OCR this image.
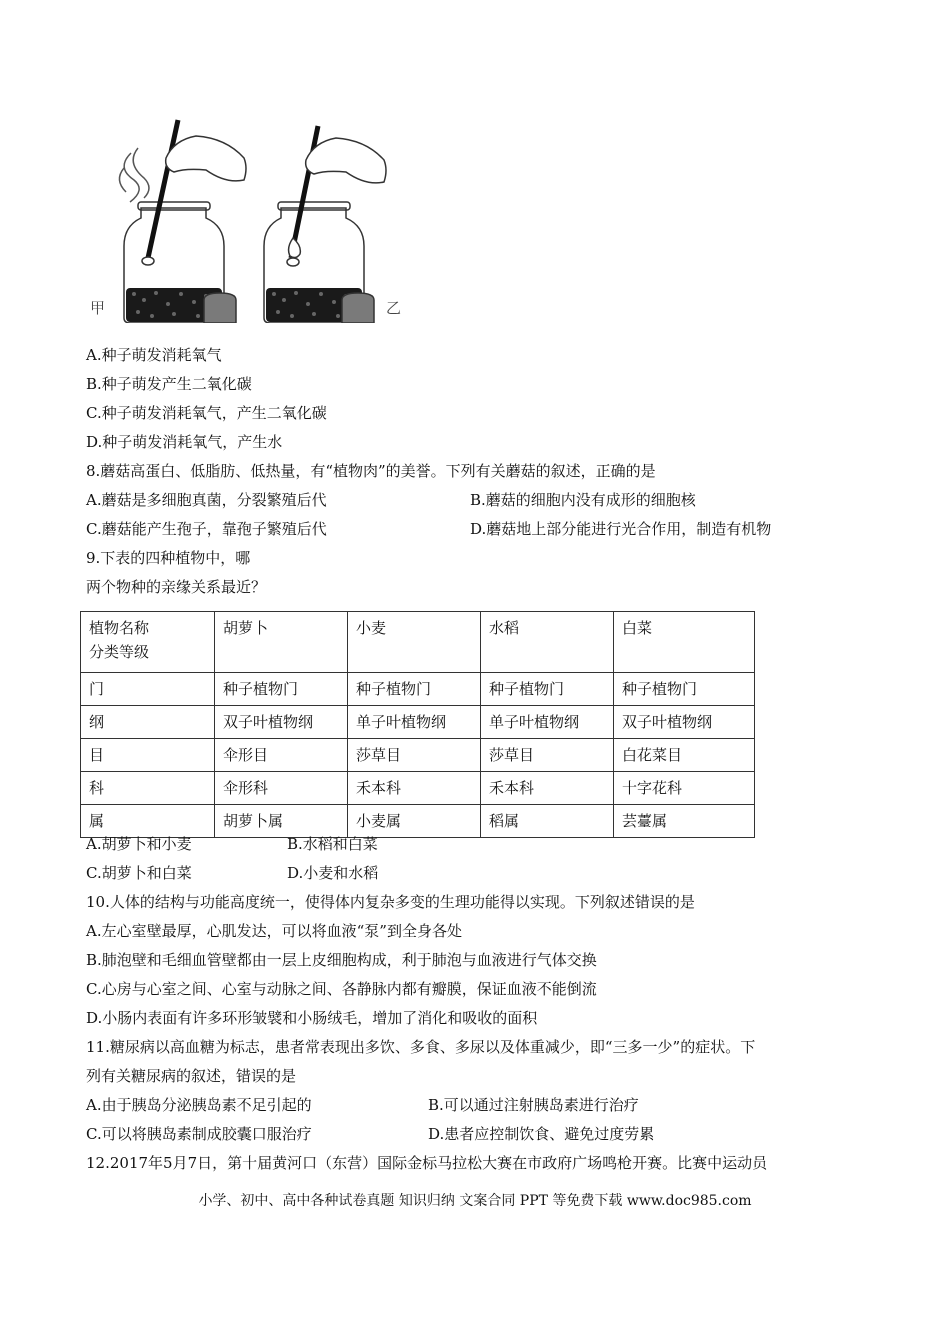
甲	乙
A.种子萌发消耗氧气
B.种子萌发产生二氧化碳
C.种子萌发消耗氧气，产生二氧化碳
D.种子萌发消耗氧气，产生水
8.蘑菇高蛋白、低脂肪、低热量，有“植物肉”的美誉。下列有关蘑菇的叙述，正确的是
A.蘑菇是多细胞真菌，分裂繁殖后代	B.蘑菇的细胞内没有成形的细胞核
C.蘑菇能产生孢子，靠孢子繁殖后代	D.蘑菇地上部分能进行光合作用，制造有机物
9.下表的四种植物中，哪
两个物种的亲缘关系最近？
植物名称
分类等级	胡萝卜	小麦	水稻	白菜
门	种子植物门	种子植物门	种子植物门	种子植物门
纲	双子叶植物纲	单子叶植物纲	单子叶植物纲	双子叶植物纲
目	伞形目	莎草目	莎草目	白花菜目
科	伞形科	禾本科	禾本科	十字花科
属	胡萝卜属	小麦属	稻属	芸薹属
A.胡萝卜和小麦	B.水稻和白菜
C.胡萝卜和白菜	D.小麦和水稻
10.人体的结构与功能高度统一，使得体内复杂多变的生理功能得以实现。下列叙述错误的是
A.左心室壁最厚，心肌发达，可以将血液“泵”到全身各处
B.肺泡壁和毛细血管壁都由一层上皮细胞构成，利于肺泡与血液进行气体交换
C.心房与心室之间、心室与动脉之间、各静脉内都有瓣膜，保证血液不能倒流
D.小肠内表面有许多环形皱襞和小肠绒毛，增加了消化和吸收的面积
11.糖尿病以高血糖为标志，患者常表现出多饮、多食、多尿以及体重减少，即“三多一少”的症状。下
列有关糖尿病的叙述，错误的是
A.由于胰岛分泌胰岛素不足引起的	B.可以通过注射胰岛素进行治疗
C.可以将胰岛素制成胶囊口服治疗	D.患者应控制饮食、避免过度劳累
12.2017年5月7日，第十届黄河口（东营）国际金标马拉松大赛在市政府广场鸣枪开赛。比赛中运动员
小学、初中、高中各种试卷真题 知识归纳 文案合同 PPT 等免费下载 www.doc985.com
